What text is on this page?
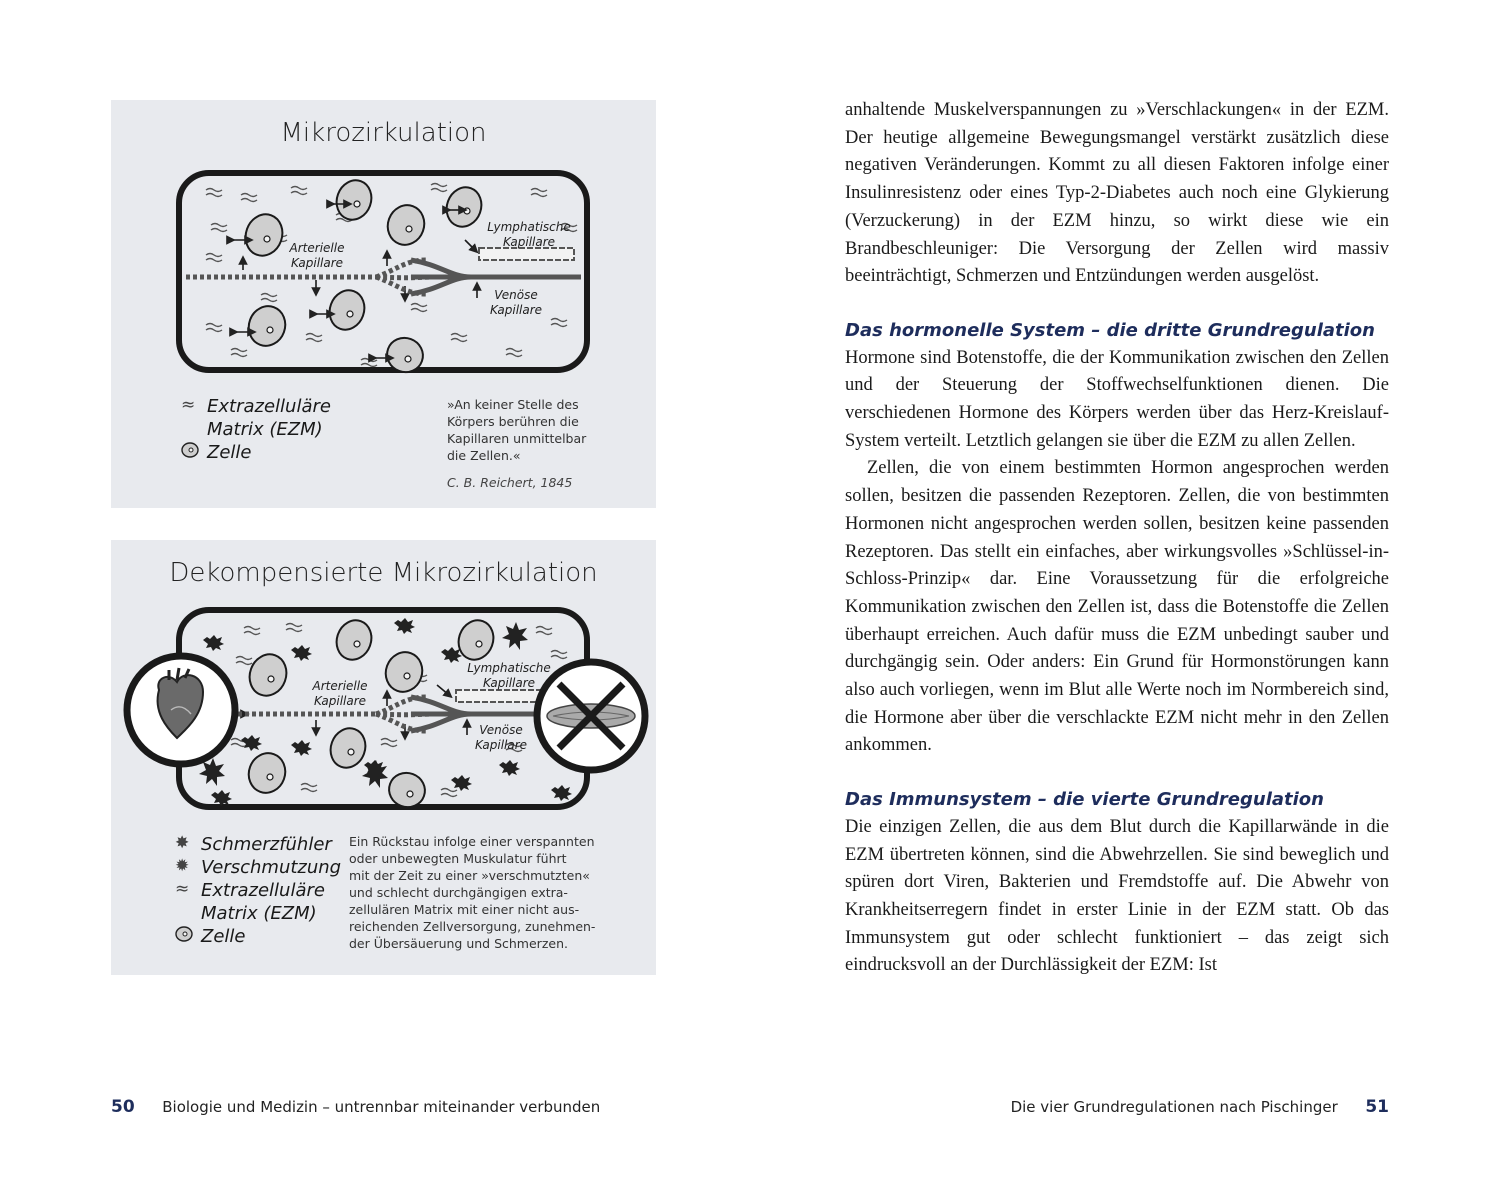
Mikrozirkulation
Arterielle Kapillare
Lymphatische Kapillare
Venöse Kapillare
≈ Extrazelluläre
Matrix (EZM)
Zelle
»An keiner Stelle des
Körpers berühren die
Kapillaren unmittelbar
die Zellen.«
C. B. Reichert, 1845
Dekompensierte Mikrozirkulation
Arterielle Kapillare
Lymphatische Kapillare
Venöse Kapillare
✸ Schmerzfühler
✹ Verschmutzung
≈ Extrazelluläre
Matrix (EZM)
Zelle
Ein Rückstau infolge einer verspannten
oder unbewegten Muskulatur führt
mit der Zeit zu einer »verschmutzten«
und schlecht durchgängigen extra-
zellulären Matrix mit einer nicht aus-
reichenden Zellversorgung, zunehmen-
der Übersäuerung und Schmerzen.
50 Biologie und Medizin – untrennbar miteinander verbunden

anhaltende Muskelverspannungen zu »Verschlackungen« in der EZM. Der heutige allgemeine Bewegungsmangel verstärkt zusätzlich diese negativen Veränderungen. Kommt zu all diesen Faktoren infolge einer Insulinresistenz oder eines Typ-2-Diabetes auch noch eine Glykierung (Verzuckerung) in der EZM hinzu, so wirkt diese wie ein Brandbeschleuniger: Die Versorgung der Zellen wird massiv beeinträchtigt, Schmerzen und Entzündungen werden ausgelöst.

Das hormonelle System – die dritte Grundregulation

Hormone sind Botenstoffe, die der Kommunikation zwischen den Zellen und der Steuerung der Stoffwechselfunktionen dienen. Die verschiedenen Hormone des Körpers werden über das Herz-Kreislauf-System verteilt. Letztlich gelangen sie über die EZM zu allen Zellen.

Zellen, die von einem bestimmten Hormon angesprochen werden sollen, besitzen die passenden Rezeptoren. Zellen, die von bestimmten Hormonen nicht angesprochen werden sollen, besitzen keine passenden Rezeptoren. Das stellt ein einfaches, aber wirkungsvolles »Schlüssel-in-Schloss-Prinzip« dar. Eine Voraussetzung für die erfolgreiche Kommunikation zwischen den Zellen ist, dass die Botenstoffe die Zellen überhaupt erreichen. Auch dafür muss die EZM unbedingt sauber und durchgängig sein. Oder anders: Ein Grund für Hormonstörungen kann also auch vorliegen, wenn im Blut alle Werte noch im Normbereich sind, die Hormone aber über die verschlackte EZM nicht mehr in den Zellen ankommen.

Das Immunsystem – die vierte Grundregulation

Die einzigen Zellen, die aus dem Blut durch die Kapillarwände in die EZM übertreten können, sind die Abwehrzellen. Sie sind beweglich und spüren dort Viren, Bakterien und Fremdstoffe auf. Die Abwehr von Krankheitserregern findet in erster Linie in der EZM statt. Ob das Immunsystem gut oder schlecht funktioniert – das zeigt sich eindrucksvoll an der Durchlässigkeit der EZM: Ist

Die vier Grundregulationen nach Pischinger 51
